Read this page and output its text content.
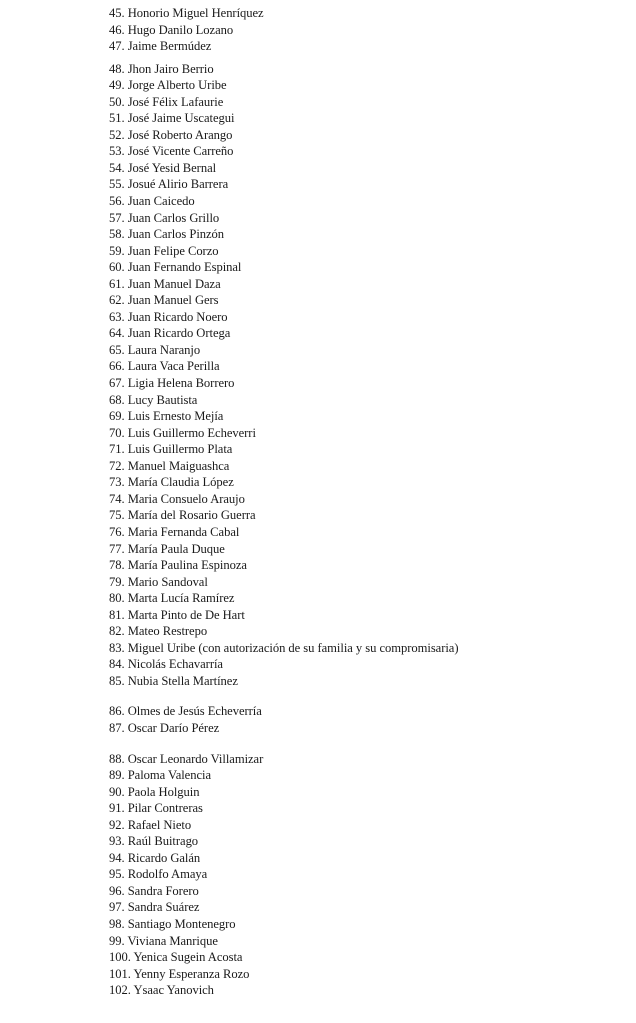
45. Honorio Miguel Henríquez
46. Hugo Danilo Lozano
47. Jaime Bermúdez
48. Jhon Jairo Berrio
49. Jorge Alberto Uribe
50. José Félix Lafaurie
51. José Jaime Uscategui
52. José Roberto Arango
53. José Vicente Carreño
54. José Yesid Bernal
55. Josué Alirio Barrera
56. Juan Caicedo
57. Juan Carlos Grillo
58. Juan Carlos Pinzón
59. Juan Felipe Corzo
60. Juan Fernando Espinal
61. Juan Manuel Daza
62. Juan Manuel Gers
63. Juan Ricardo Noero
64. Juan Ricardo Ortega
65. Laura Naranjo
66. Laura Vaca Perilla
67. Ligia Helena Borrero
68. Lucy Bautista
69. Luis Ernesto Mejía
70. Luis Guillermo Echeverri
71. Luis Guillermo Plata
72. Manuel Maiguashca
73. María Claudia López
74. Maria Consuelo Araujo
75. María del Rosario Guerra
76. Maria Fernanda Cabal
77. María Paula Duque
78. María Paulina Espinoza
79. Mario Sandoval
80. Marta Lucía Ramírez
81. Marta Pinto de De Hart
82. Mateo Restrepo
83. Miguel Uribe (con autorización de su familia y su compromisaria)
84. Nicolás Echavarría
85. Nubia Stella Martínez
86. Olmes de Jesús Echeverría
87. Oscar Darío Pérez
88. Oscar Leonardo Villamizar
89. Paloma Valencia
90. Paola Holguin
91. Pilar Contreras
92. Rafael Nieto
93. Raúl Buitrago
94. Ricardo Galán
95. Rodolfo Amaya
96. Sandra Forero
97. Sandra Suárez
98. Santiago Montenegro
99. Viviana Manrique
100. Yenica Sugein Acosta
101. Yenny Esperanza Rozo
102. Ysaac Yanovich
